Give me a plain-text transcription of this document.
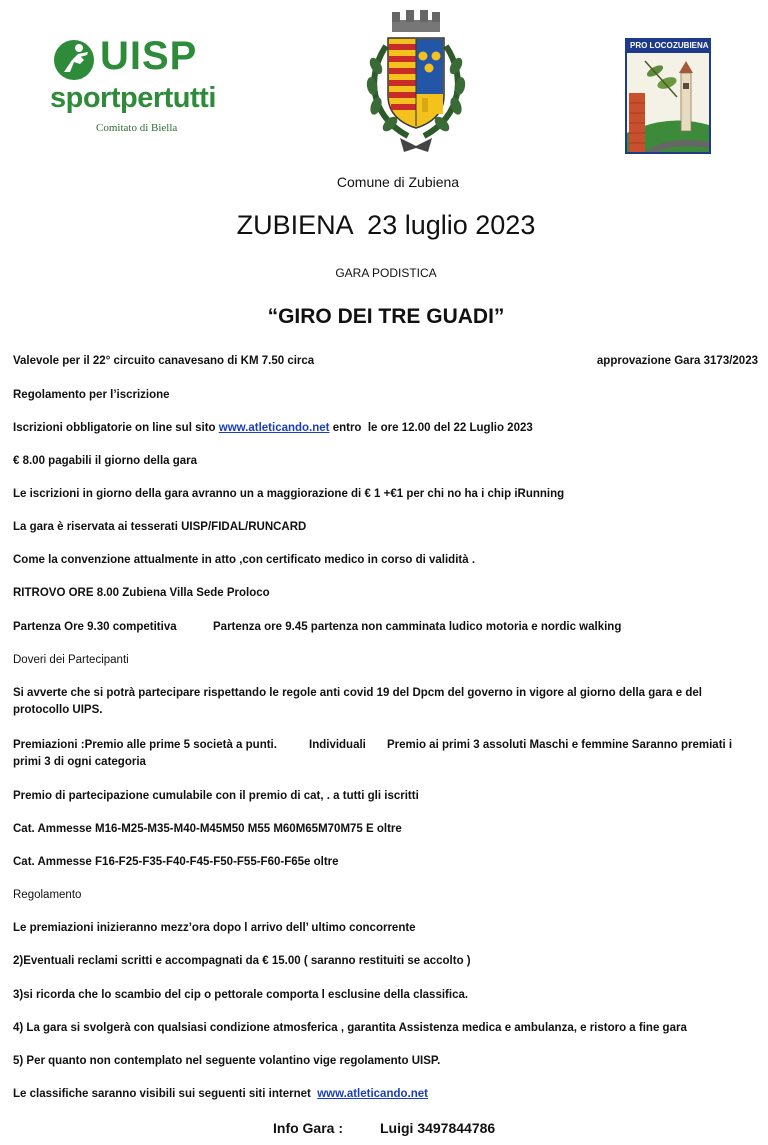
UISP
sportpertutti
Comitato di Biella
PRO LOCO ZUBIENA
Comune di Zubiena
ZUBIENA  23 luglio 2023
GARA PODISTICA
“GIRO DEI TRE GUADI”
Valevole per il 22° circuito canavesano di KM 7.50 circa	approvazione Gara 3173/2023
Regolamento per l’iscrizione
Iscrizioni obbligatorie on line sul sito www.atleticando.net entro  le ore 12.00 del 22 Luglio 2023
€ 8.00 pagabili il giorno della gara
Le iscrizioni in giorno della gara avranno un a maggiorazione di € 1 +€1 per chi no ha i chip iRunning
La gara è riservata ai tesserati UISP/FIDAL/RUNCARD
Come la convenzione attualmente in atto ,con certificato medico in corso di validità .
RITROVO ORE 8.00 Zubiena Villa Sede Proloco
Partenza Ore 9.30 competitiva	Partenza ore 9.45 partenza non camminata ludico motoria e nordic walking
Doveri dei Partecipanti
Si avverte che si potrà partecipare rispettando le regole anti covid 19 del Dpcm del governo in vigore al giorno della gara e del
protocollo UIPS.
Premiazioni :Premio alle prime 5 società a punti.	Individuali Premio ai primi 3 assoluti Maschi e femmine Saranno premiati i
primi 3 di ogni categoria
Premio di partecipazione cumulabile con il premio di cat, . a tutti gli iscritti
Cat. Ammesse M16-M25-M35-M40-M45M50 M55 M60M65M70M75 E oltre
Cat. Ammesse F16-F25-F35-F40-F45-F50-F55-F60-F65e oltre
Regolamento
Le premiazioni inizieranno mezz’ora dopo l arrivo dell’ ultimo concorrente
2)Eventuali reclami scritti e accompagnati da € 15.00 ( saranno restituiti se accolto )
3)si ricorda che lo scambio del cip o pettorale comporta l esclusine della classifica.
4) La gara si svolgerà con qualsiasi condizione atmosferica , garantita Assistenza medica e ambulanza, e ristoro a fine gara
5) Per quanto non contemplato nel seguente volantino vige regolamento UISP.
Le classifiche saranno visibili sui seguenti siti internet  www.atleticando.net
Info Gara :	Luigi 3497844786
